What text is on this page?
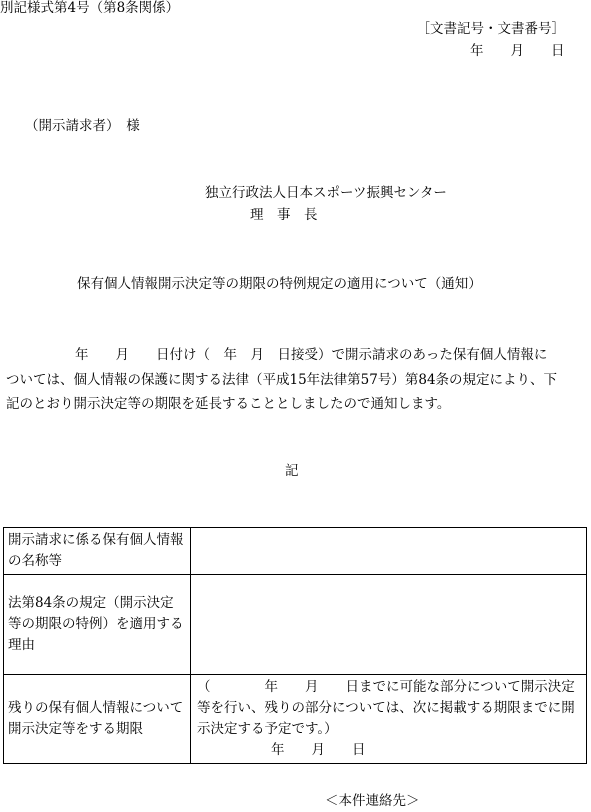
別記様式第4号（第8条関係）
［文書記号・文書番号］
年　　月　　日
（開示請求者）　様
独立行政法人日本スポーツ振興センター
理　事　長
保有個人情報開示決定等の期限の特例規定の適用について（通知）
年　　月　　日付け（　年　月　日接受）で開示請求のあった保有個人情報に
ついては、個人情報の保護に関する法律（平成15年法律第57号）第84条の規定により、下
記のとおり開示決定等の期限を延長することとしましたので通知します。
記
開示請求に係る保有個人情報の名称等	
法第84条の規定（開示決定等の期限の特例）を適用する理由	
残りの保有個人情報について開示決定等をする期限	（　　　　年　　月　　日までに可能な部分について開示決定等を行い、残りの部分については、次に掲載する期限までに開示決定する予定です。）
年　　月　　日
＜本件連絡先＞
